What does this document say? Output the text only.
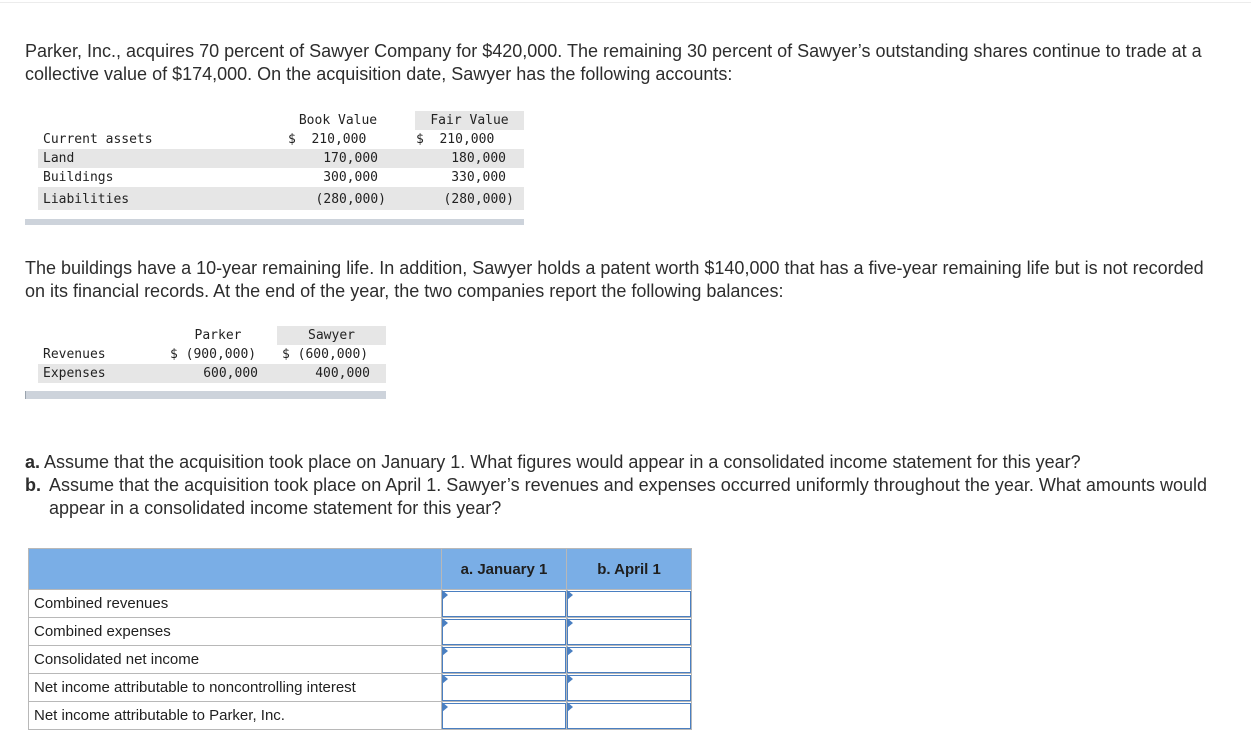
Parker, Inc., acquires 70 percent of Sawyer Company for $420,000. The remaining 30 percent of Sawyer’s outstanding shares continue to trade at a collective value of $174,000. On the acquisition date, Sawyer has the following accounts:

Book Value	Fair Value
Current assets	$  210,000	$  210,000
Land	170,000	180,000
Buildings	300,000	330,000
Liabilities	(280,000)	(280,000)

The buildings have a 10-year remaining life. In addition, Sawyer holds a patent worth $140,000 that has a five-year remaining life but is not recorded on its financial records. At the end of the year, the two companies report the following balances:

Parker	Sawyer
Revenues	$ (900,000) $ (600,000)
Expenses	600,000	400,000
a. Assume that the acquisition took place on January 1. What figures would appear in a consolidated income statement for this year?
b. Assume that the acquisition took place on April 1. Sawyer’s revenues and expenses occurred uniformly throughout the year. What amounts would appear in a consolidated income statement for this year?
	a. January 1	b. April 1
Combined revenues		
Combined expenses		
Consolidated net income		
Net income attributable to noncontrolling interest		
Net income attributable to Parker, Inc.		
